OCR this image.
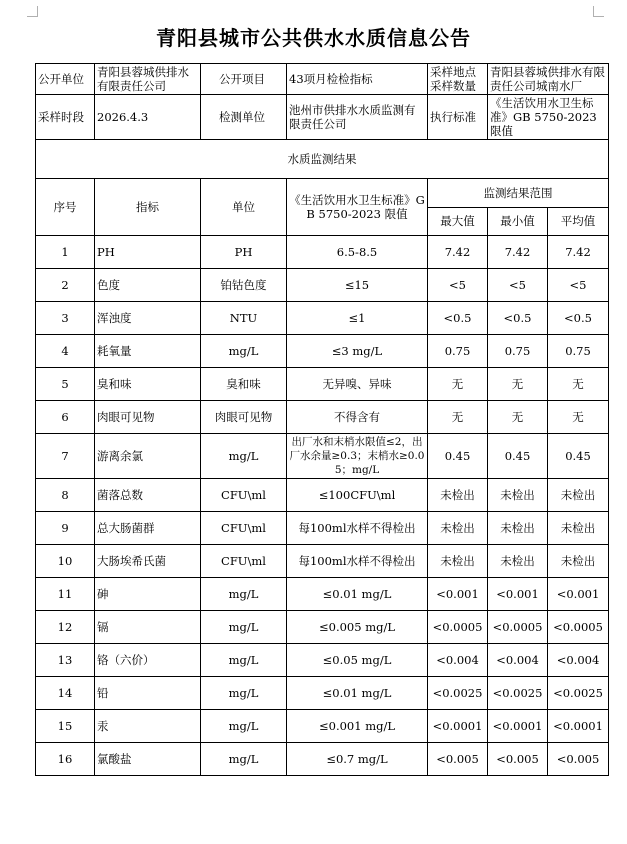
青阳县城市公共供水水质信息公告
公开单位	青阳县蓉城供排水有限责任公司	公开项目	43项月检检指标	采样地点采样数量	青阳县蓉城供排水有限责任公司城南水厂	
采样时段	2026.4.3	检测单位	池州市供排水水质监测有限责任公司	执行标准	《生活饮用水卫生标准》GB 5750-2023 限值	
水质监测结果						
序号	指标	单位	《生活饮用水卫生标准》GB 5750-2023 限值	监测结果范围		
				最大值	最小值	平均值
1	PH	PH	6.5-8.5	7.42	7.42	7.42
2	色度	铂钴色度	≤15	<5	<5	<5
3	浑浊度	NTU	≤1	<0.5	<0.5	<0.5
4	耗氧量	mg/L	≤3 mg/L	0.75	0.75	0.75
5	臭和味	臭和味	无异嗅、异味	无	无	无
6	肉眼可见物	肉眼可见物	不得含有	无	无	无
7	游离余氯	mg/L	出厂水和末梢水限值≤2，出厂水余量≥0.3；末梢水≥0.05；mg/L	0.45	0.45	0.45
8	菌落总数	CFU\ml	≤100CFU\ml	未检出	未检出	未检出
9	总大肠菌群	CFU\ml	每100ml水样不得检出	未检出	未检出	未检出
10	大肠埃希氏菌	CFU\ml	每100ml水样不得检出	未检出	未检出	未检出
11	砷	mg/L	≤0.01 mg/L	<0.001	<0.001	<0.001
12	镉	mg/L	≤0.005 mg/L	<0.0005	<0.0005	<0.0005
13	铬（六价）	mg/L	≤0.05 mg/L	<0.004	<0.004	<0.004
14	铅	mg/L	≤0.01 mg/L	<0.0025	<0.0025	<0.0025
15	汞	mg/L	≤0.001 mg/L	<0.0001	<0.0001	<0.0001
16	氯酸盐	mg/L	≤0.7 mg/L	<0.005	<0.005	<0.005
